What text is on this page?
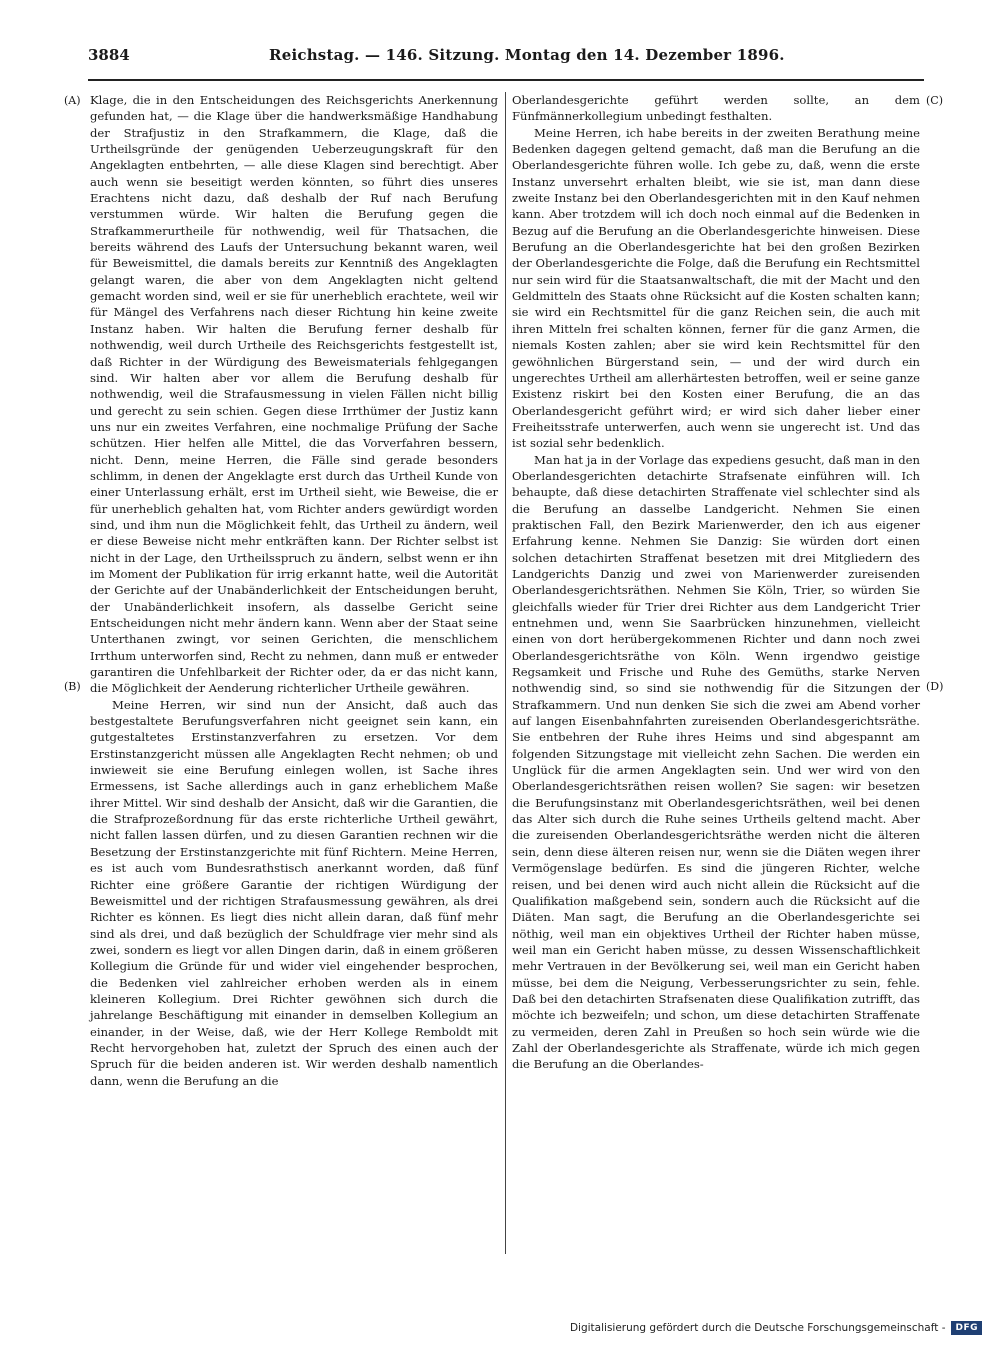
3884	Reichstag. — 146. Sitzung. Montag den 14. Dezember 1896.
(A)
(B)
(C)
(D)

Klage, die in den Entscheidungen des Reichsgerichts Anerkennung gefunden hat, — die Klage über die handwerksmäßige Handhabung der Strafjustiz in den Strafkammern, die Klage, daß die Urtheilsgründe der genügenden Ueberzeugungskraft für den Angeklagten entbehrten, — alle diese Klagen sind berechtigt. Aber auch wenn sie beseitigt werden könnten, so führt dies unseres Erachtens nicht dazu, daß deshalb der Ruf nach Berufung verstummen würde. Wir halten die Berufung gegen die Strafkammerurtheile für nothwendig, weil für Thatsachen, die bereits während des Laufs der Untersuchung bekannt waren, weil für Beweismittel, die damals bereits zur Kenntniß des Angeklagten gelangt waren, die aber von dem Angeklagten nicht geltend gemacht worden sind, weil er sie für unerheblich erachtete, weil wir für Mängel des Verfahrens nach dieser Richtung hin keine zweite Instanz haben. Wir halten die Berufung ferner deshalb für nothwendig, weil durch Urtheile des Reichsgerichts festgestellt ist, daß Richter in der Würdigung des Beweismaterials fehlgegangen sind. Wir halten aber vor allem die Berufung deshalb für nothwendig, weil die Strafausmessung in vielen Fällen nicht billig und gerecht zu sein schien. Gegen diese Irrthümer der Justiz kann uns nur ein zweites Verfahren, eine nochmalige Prüfung der Sache schützen. Hier helfen alle Mittel, die das Vorverfahren bessern, nicht. Denn, meine Herren, die Fälle sind gerade besonders schlimm, in denen der Angeklagte erst durch das Urtheil Kunde von einer Unterlassung erhält, erst im Urtheil sieht, wie Beweise, die er für unerheblich gehalten hat, vom Richter anders gewürdigt worden sind, und ihm nun die Möglichkeit fehlt, das Urtheil zu ändern, weil er diese Beweise nicht mehr entkräften kann. Der Richter selbst ist nicht in der Lage, den Urtheilsspruch zu ändern, selbst wenn er ihn im Moment der Publikation für irrig erkannt hatte, weil die Autorität der Gerichte auf der Unabänderlichkeit der Entscheidungen beruht, der Unabänderlichkeit insofern, als dasselbe Gericht seine Entscheidungen nicht mehr ändern kann. Wenn aber der Staat seine Unterthanen zwingt, vor seinen Gerichten, die menschlichem Irrthum unterworfen sind, Recht zu nehmen, dann muß er entweder garantiren die Unfehlbarkeit der Richter oder, da er das nicht kann, die Möglichkeit der Aenderung richterlicher Urtheile gewähren.

Meine Herren, wir sind nun der Ansicht, daß auch das bestgestaltete Berufungsverfahren nicht geeignet sein kann, ein gutgestaltetes Erstinstanzverfahren zu ersetzen. Vor dem Erstinstanzgericht müssen alle Angeklagten Recht nehmen; ob und inwieweit sie eine Berufung einlegen wollen, ist Sache ihres Ermessens, ist Sache allerdings auch in ganz erheblichem Maße ihrer Mittel. Wir sind deshalb der Ansicht, daß wir die Garantien, die die Strafprozeßordnung für das erste richterliche Urtheil gewährt, nicht fallen lassen dürfen, und zu diesen Garantien rechnen wir die Besetzung der Erstinstanzgerichte mit fünf Richtern. Meine Herren, es ist auch vom Bundesrathstisch anerkannt worden, daß fünf Richter eine größere Garantie der richtigen Würdigung der Beweismittel und der richtigen Strafausmessung gewähren, als drei Richter es können. Es liegt dies nicht allein daran, daß fünf mehr sind als drei, und daß bezüglich der Schuldfrage vier mehr sind als zwei, sondern es liegt vor allen Dingen darin, daß in einem größeren Kollegium die Gründe für und wider viel eingehender besprochen, die Bedenken viel zahlreicher erhoben werden als in einem kleineren Kollegium. Drei Richter gewöhnen sich durch die jahrelange Beschäftigung mit einander in demselben Kollegium an einander, in der Weise, daß, wie der Herr Kollege Remboldt mit Recht hervorgehoben hat, zuletzt der Spruch des einen auch der Spruch für die beiden anderen ist. Wir werden deshalb namentlich dann, wenn die Berufung an die

Oberlandesgerichte geführt werden sollte, an dem Fünfmännerkollegium unbedingt festhalten.

Meine Herren, ich habe bereits in der zweiten Berathung meine Bedenken dagegen geltend gemacht, daß man die Berufung an die Oberlandesgerichte führen wolle. Ich gebe zu, daß, wenn die erste Instanz unversehrt erhalten bleibt, wie sie ist, man dann diese zweite Instanz bei den Oberlandesgerichten mit in den Kauf nehmen kann. Aber trotzdem will ich doch noch einmal auf die Bedenken in Bezug auf die Berufung an die Oberlandesgerichte hinweisen. Diese Berufung an die Oberlandesgerichte hat bei den großen Bezirken der Oberlandesgerichte die Folge, daß die Berufung ein Rechtsmittel nur sein wird für die Staatsanwaltschaft, die mit der Macht und den Geldmitteln des Staats ohne Rücksicht auf die Kosten schalten kann; sie wird ein Rechtsmittel für die ganz Reichen sein, die auch mit ihren Mitteln frei schalten können, ferner für die ganz Armen, die niemals Kosten zahlen; aber sie wird kein Rechtsmittel für den gewöhnlichen Bürgerstand sein, — und der wird durch ein ungerechtes Urtheil am allerhärtesten betroffen, weil er seine ganze Existenz riskirt bei den Kosten einer Berufung, die an das Oberlandesgericht geführt wird; er wird sich daher lieber einer Freiheitsstrafe unterwerfen, auch wenn sie ungerecht ist. Und das ist sozial sehr bedenklich.

Man hat ja in der Vorlage das expediens gesucht, daß man in den Oberlandesgerichten detachirte Strafsenate einführen will. Ich behaupte, daß diese detachirten Straffenate viel schlechter sind als die Berufung an dasselbe Landgericht. Nehmen Sie einen praktischen Fall, den Bezirk Marienwerder, den ich aus eigener Erfahrung kenne. Nehmen Sie Danzig: Sie würden dort einen solchen detachirten Straffenat besetzen mit drei Mitgliedern des Landgerichts Danzig und zwei von Marienwerder zureisenden Oberlandesgerichtsräthen. Nehmen Sie Köln, Trier, so würden Sie gleichfalls wieder für Trier drei Richter aus dem Landgericht Trier entnehmen und, wenn Sie Saarbrücken hinzunehmen, vielleicht einen von dort herübergekommenen Richter und dann noch zwei Oberlandesgerichtsräthe von Köln. Wenn irgendwo geistige Regsamkeit und Frische und Ruhe des Gemüths, starke Nerven nothwendig sind, so sind sie nothwendig für die Sitzungen der Strafkammern. Und nun denken Sie sich die zwei am Abend vorher auf langen Eisenbahnfahrten zureisenden Oberlandesgerichtsräthe. Sie entbehren der Ruhe ihres Heims und sind abgespannt am folgenden Sitzungstage mit vielleicht zehn Sachen. Die werden ein Unglück für die armen Angeklagten sein. Und wer wird von den Oberlandesgerichtsräthen reisen wollen? Sie sagen: wir besetzen die Berufungsinstanz mit Oberlandesgerichtsräthen, weil bei denen das Alter sich durch die Ruhe seines Urtheils geltend macht. Aber die zureisenden Oberlandesgerichtsräthe werden nicht die älteren sein, denn diese älteren reisen nur, wenn sie die Diäten wegen ihrer Vermögenslage bedürfen. Es sind die jüngeren Richter, welche reisen, und bei denen wird auch nicht allein die Rücksicht auf die Qualifikation maßgebend sein, sondern auch die Rücksicht auf die Diäten. Man sagt, die Berufung an die Oberlandesgerichte sei nöthig, weil man ein objektives Urtheil der Richter haben müsse, weil man ein Gericht haben müsse, zu dessen Wissenschaftlichkeit mehr Vertrauen in der Bevölkerung sei, weil man ein Gericht haben müsse, bei dem die Neigung, Verbesserungsrichter zu sein, fehle. Daß bei den detachirten Strafsenaten diese Qualifikation zutrifft, das möchte ich bezweifeln; und schon, um diese detachirten Straffenate zu vermeiden, deren Zahl in Preußen so hoch sein würde wie die Zahl der Oberlandesgerichte als Straffenate, würde ich mich gegen die Berufung an die Oberlandes-

Digitalisierung gefördert durch die Deutsche Forschungsgemeinschaft -	DFG
